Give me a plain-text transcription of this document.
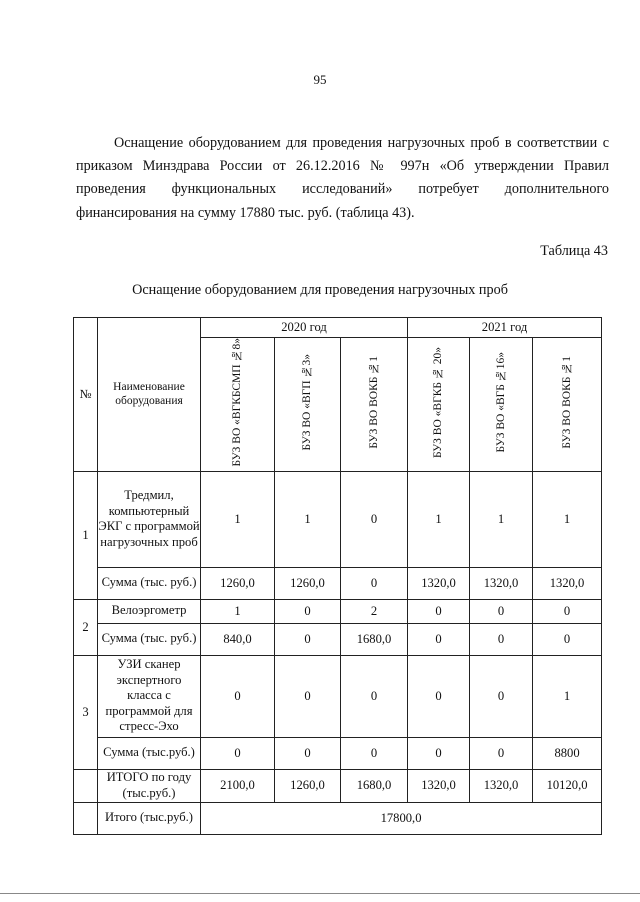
95

Оснащение оборудованием для проведения нагрузочных проб в соответствии с приказом Минздрава России от 26.12.2016 № 997н «Об утверждении Правил проведения функциональных исследований» потребует дополнительного финансирования на сумму 17880 тыс. руб. (таблица 43).

Таблица 43
Оснащение оборудованием для проведения нагрузочных проб
№	Наименование оборудования	2020 год			2021 год		
		БУЗ ВО «ВГКБСМП №8»	БУЗ ВО «ВГП №3»	БУЗ ВО ВОКБ №1	БУЗ ВО «ВГКБ № 20»	БУЗ ВО «ВГБ №16»	БУЗ ВО ВОКБ №1
1	Тредмил, компьютерный ЭКГ с программой нагрузочных проб	1	1	0	1	1	1
	Сумма (тыс. руб.)	1260,0	1260,0	0	1320,0	1320,0	1320,0
2	Велоэргометр	1	0	2	0	0	0
	Сумма (тыс. руб.)	840,0	0	1680,0	0	0	0
3	УЗИ сканер экспертного класса с программой для стресс-Эхо	0	0	0	0	0	1
	Сумма (тыс.руб.)	0	0	0	0	0	8800
	ИТОГО по году (тыс.руб.)	2100,0	1260,0	1680,0	1320,0	1320,0	10120,0
	Итого (тыс.руб.)	17800,0					
